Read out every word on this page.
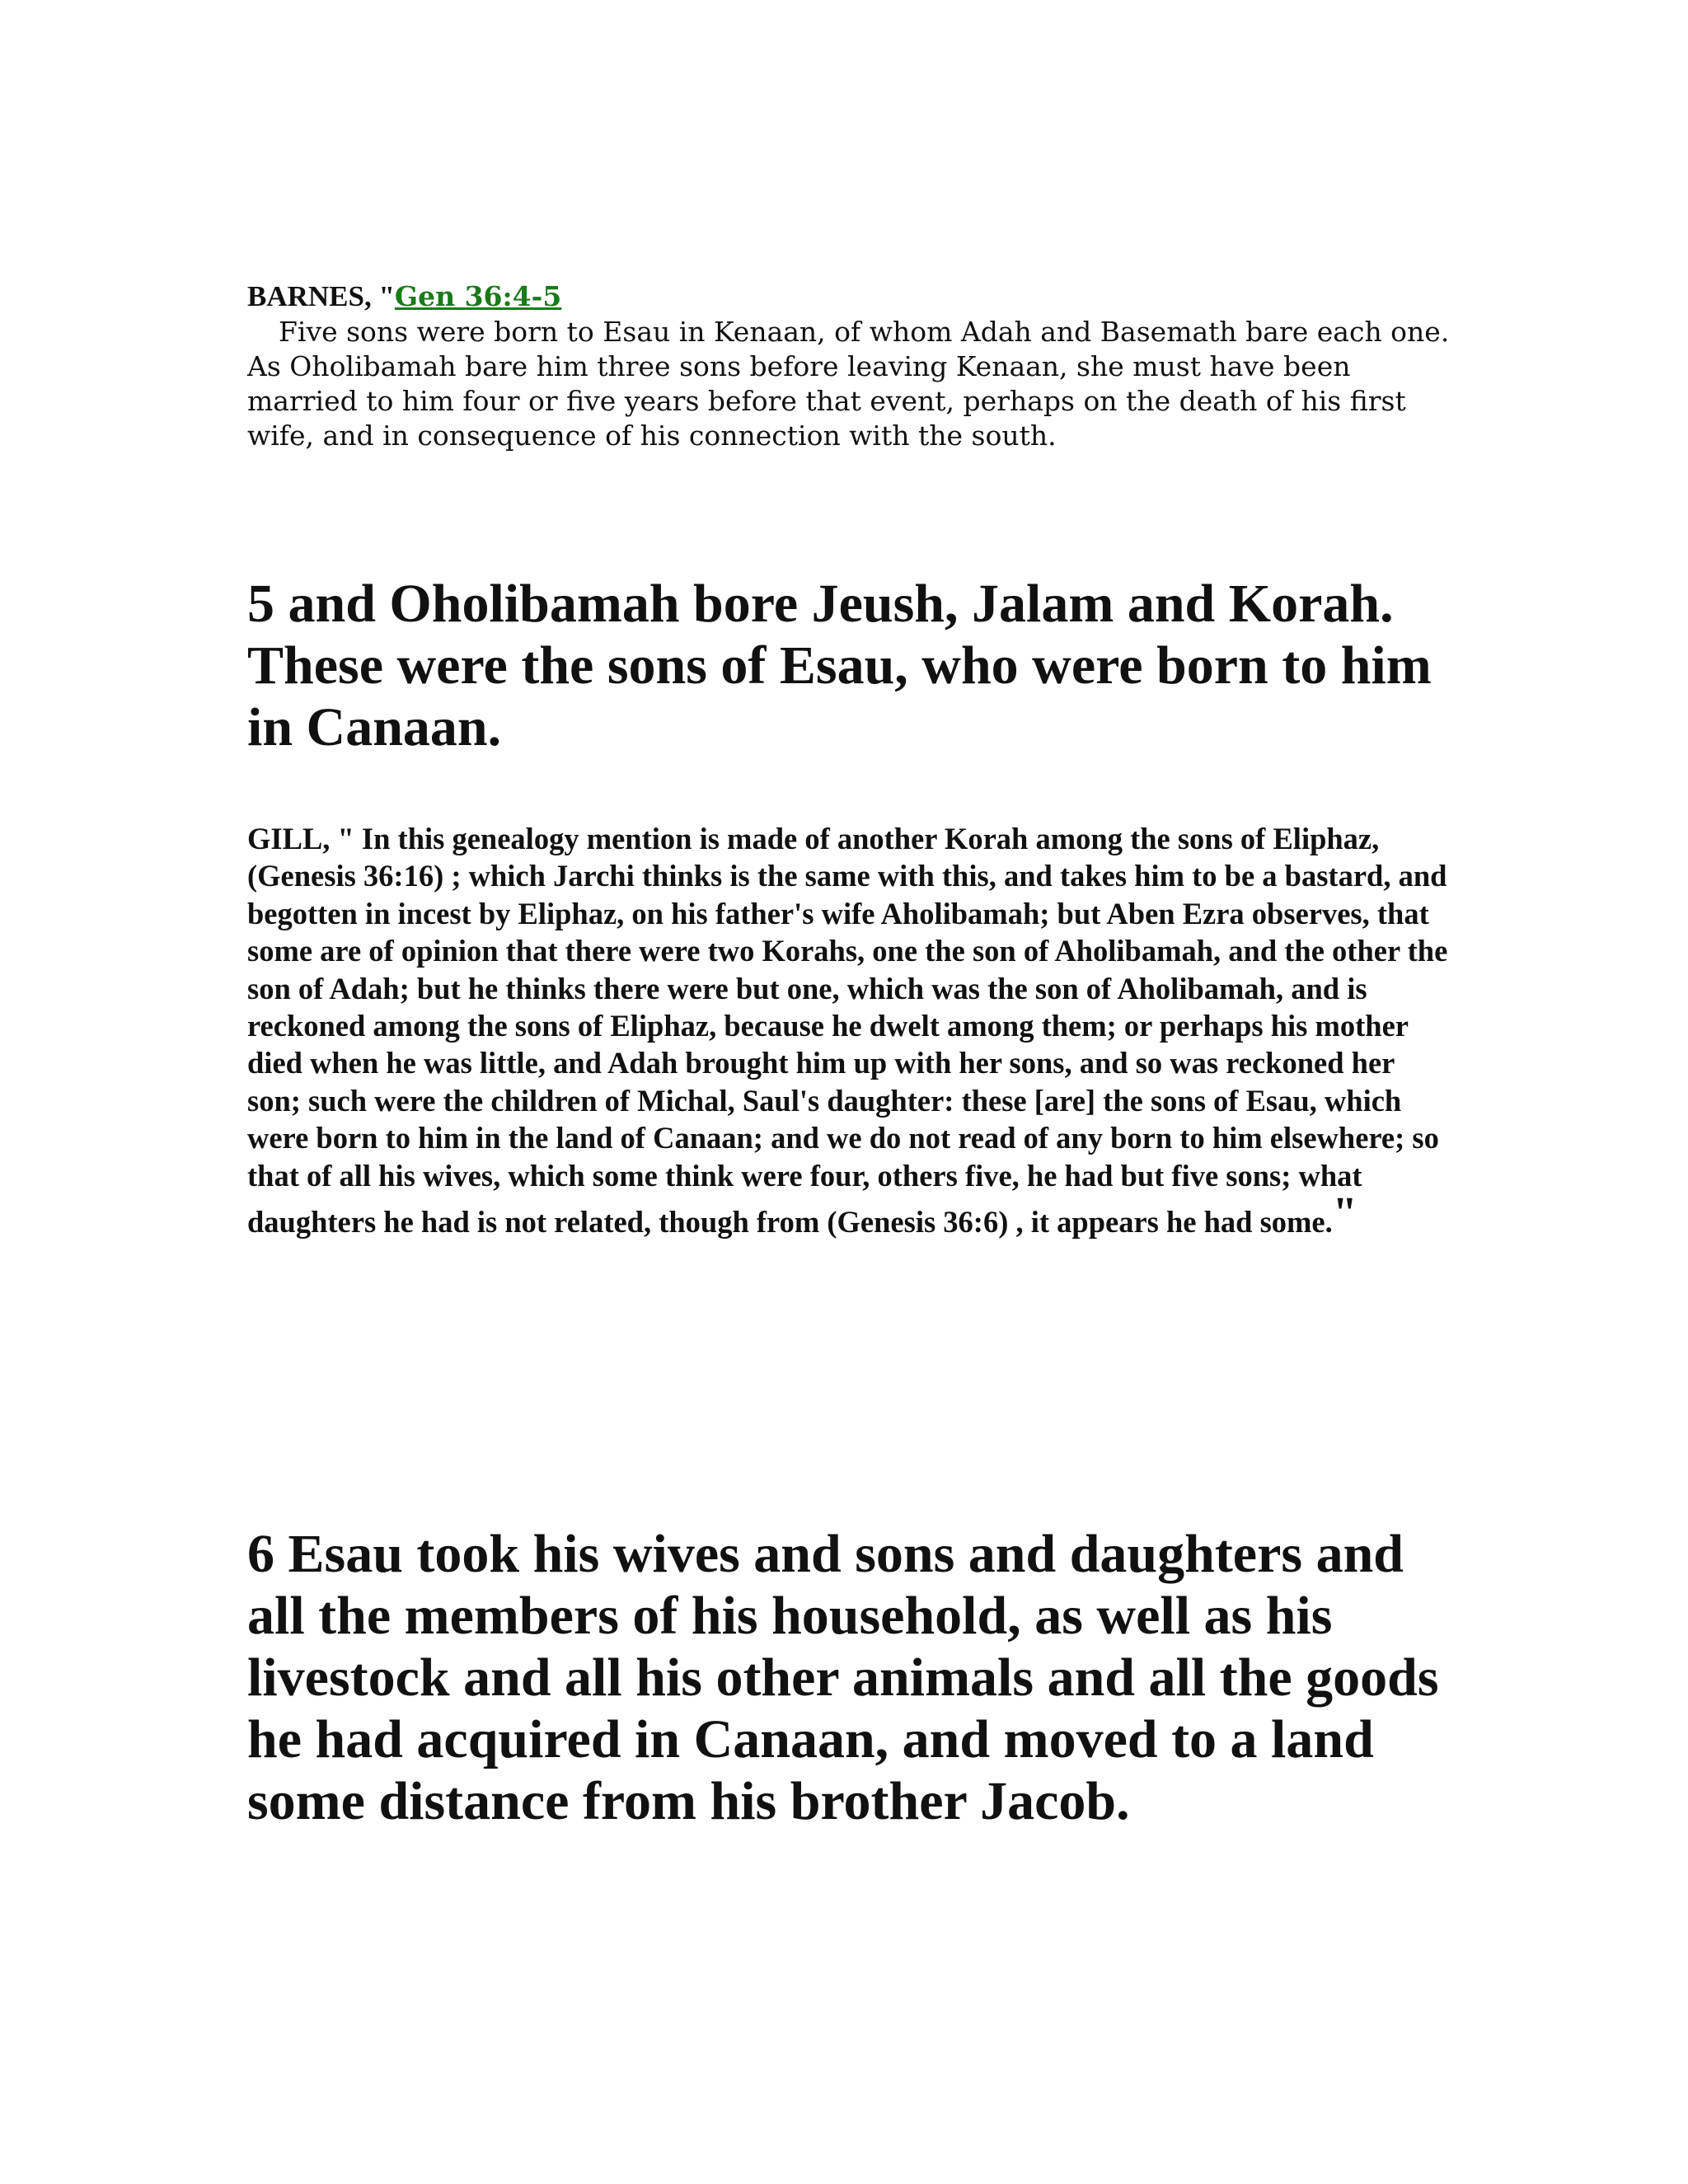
BARNES, "Gen 36:4-5

Five sons were born to Esau in Kenaan, of whom Adah and Basemath bare each one. As Oholibamah bare him three sons before leaving Kenaan, she must have been married to him four or five years before that event, perhaps on the death of his first wife, and in consequence of his connection with the south.

5 and Oholibamah bore Jeush, Jalam and Korah. These were the sons of Esau, who were born to him in Canaan.

GILL, " In this genealogy mention is made of another Korah among the sons of Eliphaz, (Genesis 36:16) ; which Jarchi thinks is the same with this, and takes him to be a bastard, and begotten in incest by Eliphaz, on his father's wife Aholibamah; but Aben Ezra observes, that some are of opinion that there were two Korahs, one the son of Aholibamah, and the other the son of Adah; but he thinks there were but one, which was the son of Aholibamah, and is reckoned among the sons of Eliphaz, because he dwelt among them; or perhaps his mother died when he was little, and Adah brought him up with her sons, and so was reckoned her son; such were the children of Michal, Saul's daughter: these [are] the sons of Esau, which were born to him in the land of Canaan; and we do not read of any born to him elsewhere; so that of all his wives, which some think were four, others five, he had but five sons; what daughters he had is not related, though from (Genesis 36:6) , it appears he had some."

6 Esau took his wives and sons and daughters and all the members of his household, as well as his livestock and all his other animals and all the goods he had acquired in Canaan, and moved to a land some distance from his brother Jacob.
